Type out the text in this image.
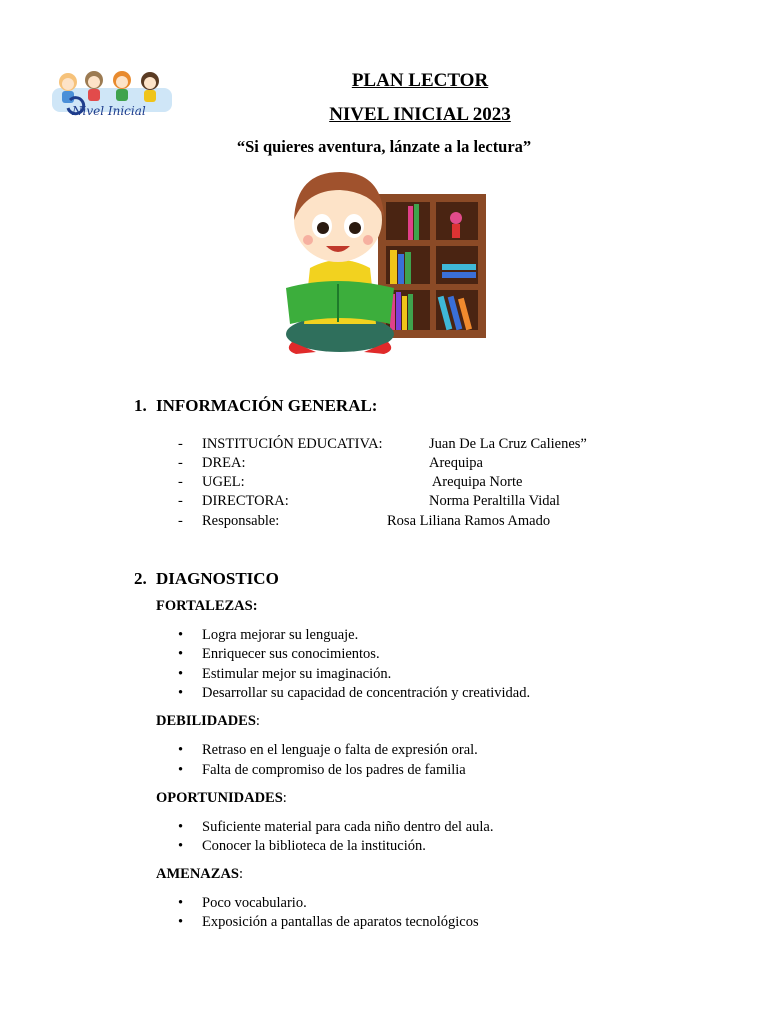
Nivel Inicial
PLAN LECTOR
NIVEL INICIAL 2023
“Si quieres aventura, lánzate a la lectura”
1. INFORMACIÓN GENERAL:
- INSTITUCIÓN EDUCATIVA:	Juan De La Cruz Calienes”
- DREA:	Arequipa
- UGEL:	Arequipa Norte
- DIRECTORA:	Norma Peraltilla Vidal
- Responsable:	Rosa Liliana Ramos Amado
2. DIAGNOSTICO
FORTALEZAS:
• Logra mejorar su lenguaje.
• Enriquecer sus conocimientos.
• Estimular mejor su imaginación.
• Desarrollar su capacidad de concentración y creatividad.
DEBILIDADES:
• Retraso en el lenguaje o falta de expresión oral.
• Falta de compromiso de los padres de familia
OPORTUNIDADES:
• Suficiente material para cada niño dentro del aula.
• Conocer la biblioteca de la institución.
AMENAZAS:
• Poco vocabulario.
• Exposición a pantallas de aparatos tecnológicos
